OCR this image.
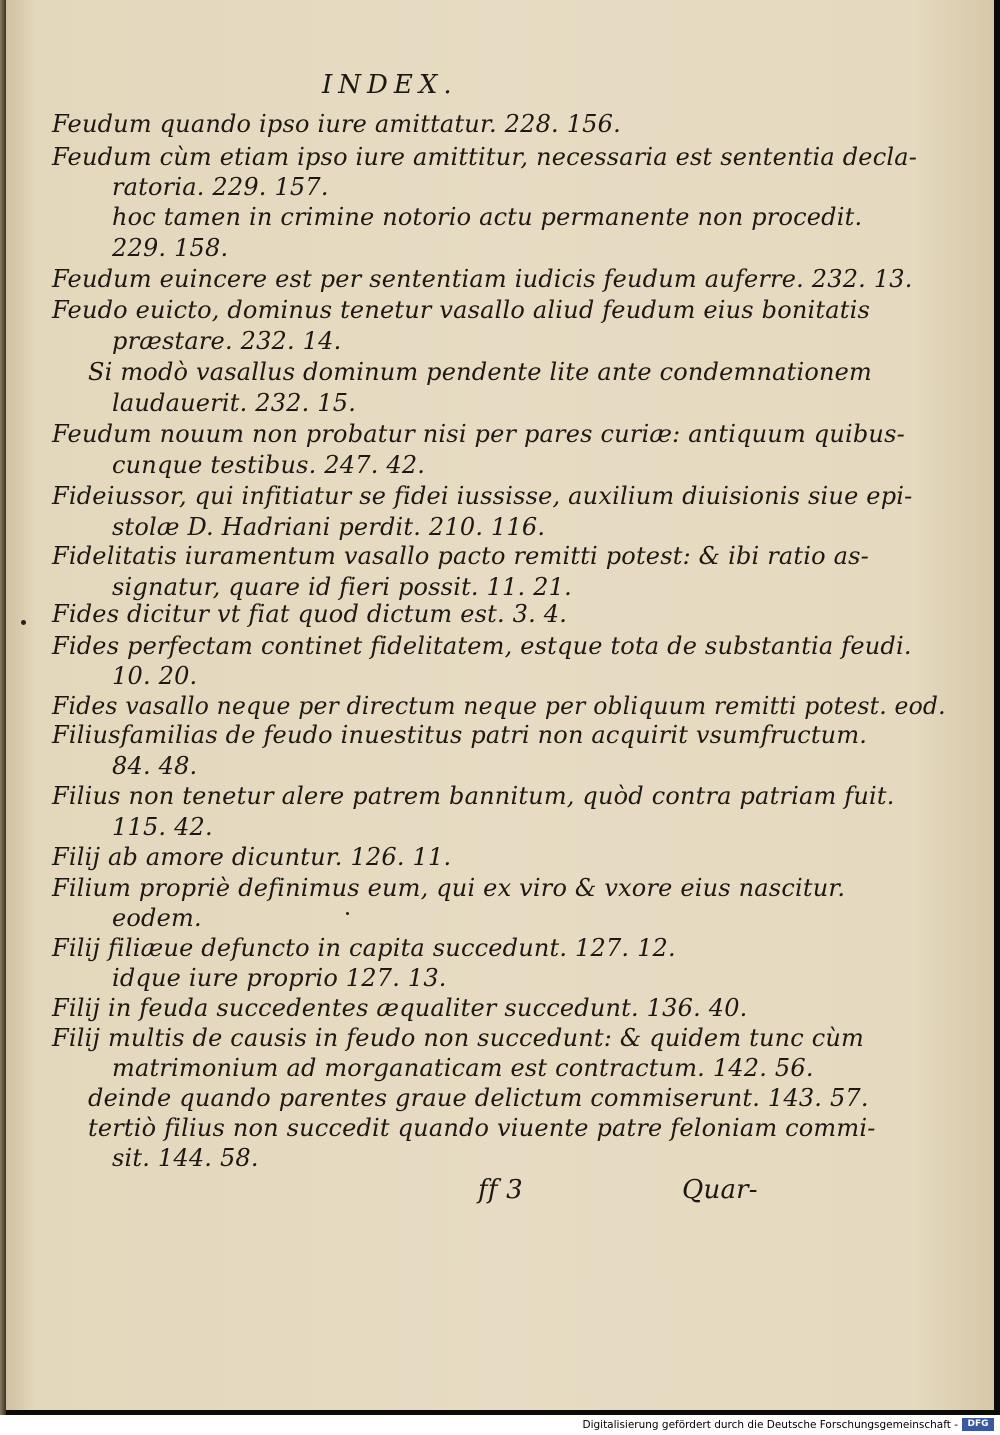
INDEX.
Feudum quando ipso iure amittatur. 228. 156.
Feudum cùm etiam ipso iure amittitur, necessaria est sententia decla-
ratoria. 229. 157.
hoc tamen in crimine notorio actu permanente non procedit.
229. 158.
Feudum euincere est per sententiam iudicis feudum auferre. 232. 13.
Feudo euicto, dominus tenetur vasallo aliud feudum eius bonitatis
præstare. 232. 14.
Si modò vasallus dominum pendente lite ante condemnationem
laudauerit. 232. 15.
Feudum nouum non probatur nisi per pares curiæ: antiquum quibus-
cunque testibus. 247. 42.
Fideiussor, qui infitiatur se fidei iussisse, auxilium diuisionis siue epi-
stolæ D. Hadriani perdit. 210. 116.
Fidelitatis iuramentum vasallo pacto remitti potest: & ibi ratio as-
signatur, quare id fieri possit. 11. 21.
Fides dicitur vt fiat quod dictum est. 3. 4.
Fides perfectam continet fidelitatem, estque tota de substantia feudi.
10. 20.
Fides vasallo neque per directum neque per obliquum remitti potest. eod.
Filiusfamilias de feudo inuestitus patri non acquirit vsumfructum.
84. 48.
Filius non tenetur alere patrem bannitum, quòd contra patriam fuit.
115. 42.
Filij ab amore dicuntur. 126. 11.
Filium propriè definimus eum, qui ex viro & vxore eius nascitur.
eodem.
Filij filiæue defuncto in capita succedunt. 127. 12.
idque iure proprio 127. 13.
Filij in feuda succedentes æqualiter succedunt. 136. 40.
Filij multis de causis in feudo non succedunt: & quidem tunc cùm
matrimonium ad morganaticam est contractum. 142. 56.
deinde quando parentes graue delictum commiserunt. 143. 57.
tertiò filius non succedit quando viuente patre feloniam commi-
sit. 144. 58.
ff 3	Quar-
Digitalisierung gefördert durch die Deutsche Forschungsgemeinschaft -	DFG
